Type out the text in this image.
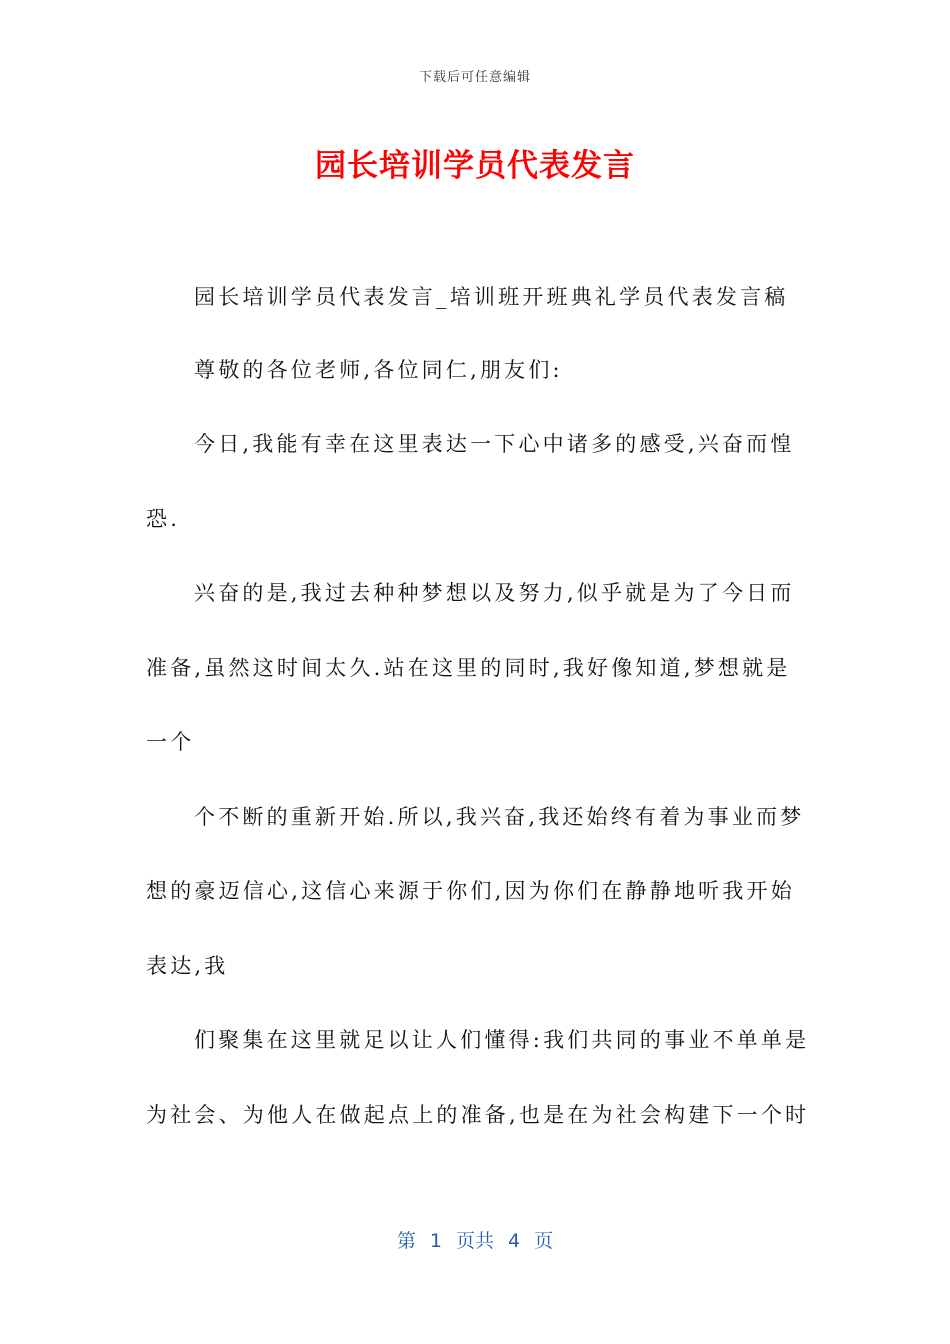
下载后可任意编辑
园长培训学员代表发言
园长培训学员代表发言_培训班开班典礼学员代表发言稿
尊敬的各位老师,各位同仁,朋友们:
今日,我能有幸在这里表达一下心中诸多的感受,兴奋而惶
恐.
兴奋的是,我过去种种梦想以及努力,似乎就是为了今日而
准备,虽然这时间太久.站在这里的同时,我好像知道,梦想就是
一个
个不断的重新开始.所以,我兴奋,我还始终有着为事业而梦
想的豪迈信心,这信心来源于你们,因为你们在静静地听我开始
表达,我
们聚集在这里就足以让人们懂得:我们共同的事业不单单是
为社会、为他人在做起点上的准备,也是在为社会构建下一个时
第 1 页共 4 页
